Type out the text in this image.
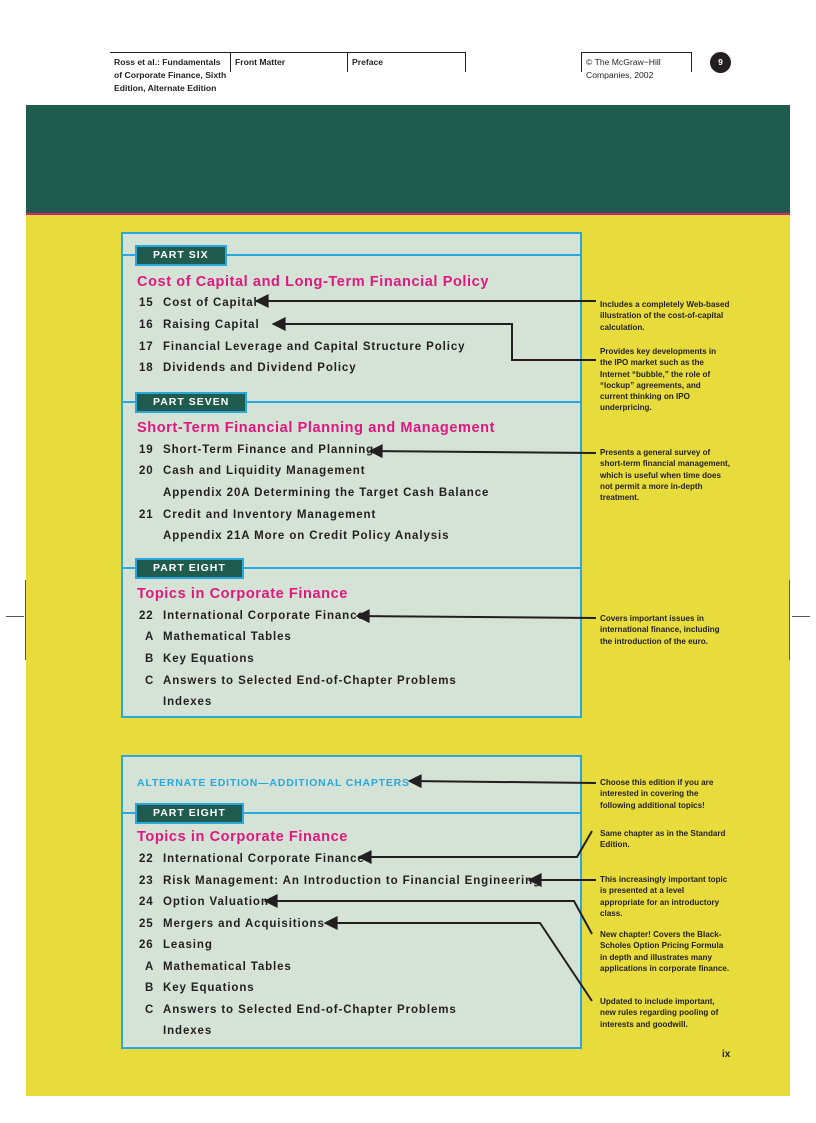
Ross et al.: Fundamentals of Corporate Finance, Sixth Edition, Alternate Edition
Front Matter	Preface	© The McGraw−Hill Companies, 2002
9
PART SIX
Cost of Capital and Long-Term Financial Policy
15 Cost of Capital
16 Raising Capital
17 Financial Leverage and Capital Structure Policy
18 Dividends and Dividend Policy
PART SEVEN
Short-Term Financial Planning and Management
19 Short-Term Finance and Planning
20 Cash and Liquidity Management
Appendix 20A Determining the Target Cash Balance
21 Credit and Inventory Management
Appendix 21A More on Credit Policy Analysis
PART EIGHT
Topics in Corporate Finance
22 International Corporate Finance
A Mathematical Tables
B Key Equations
C Answers to Selected End-of-Chapter Problems
Indexes
ALTERNATE EDITION—ADDITIONAL CHAPTERS
PART EIGHT
Topics in Corporate Finance
22 International Corporate Finance
23 Risk Management: An Introduction to Financial Engineering
24 Option Valuation
25 Mergers and Acquisitions
26 Leasing
A Mathematical Tables
B Key Equations
C Answers to Selected End-of-Chapter Problems
Indexes
Includes a completely Web-based illustration of the cost-of-capital calculation.
Provides key developments in the IPO market such as the Internet “bubble,” the role of “lockup” agreements, and current thinking on IPO underpricing.
Presents a general survey of short-term financial management, which is useful when time does not permit a more in-depth treatment.
Covers important issues in international finance, including the introduction of the euro.
Choose this edition if you are interested in covering the following additional topics!
Same chapter as in the Standard Edition.
This increasingly important topic is presented at a level appropriate for an introductory class.
New chapter! Covers the Black-Scholes Option Pricing Formula in depth and illustrates many applications in corporate finance.
Updated to include important, new rules regarding pooling of interests and goodwill.
ix
